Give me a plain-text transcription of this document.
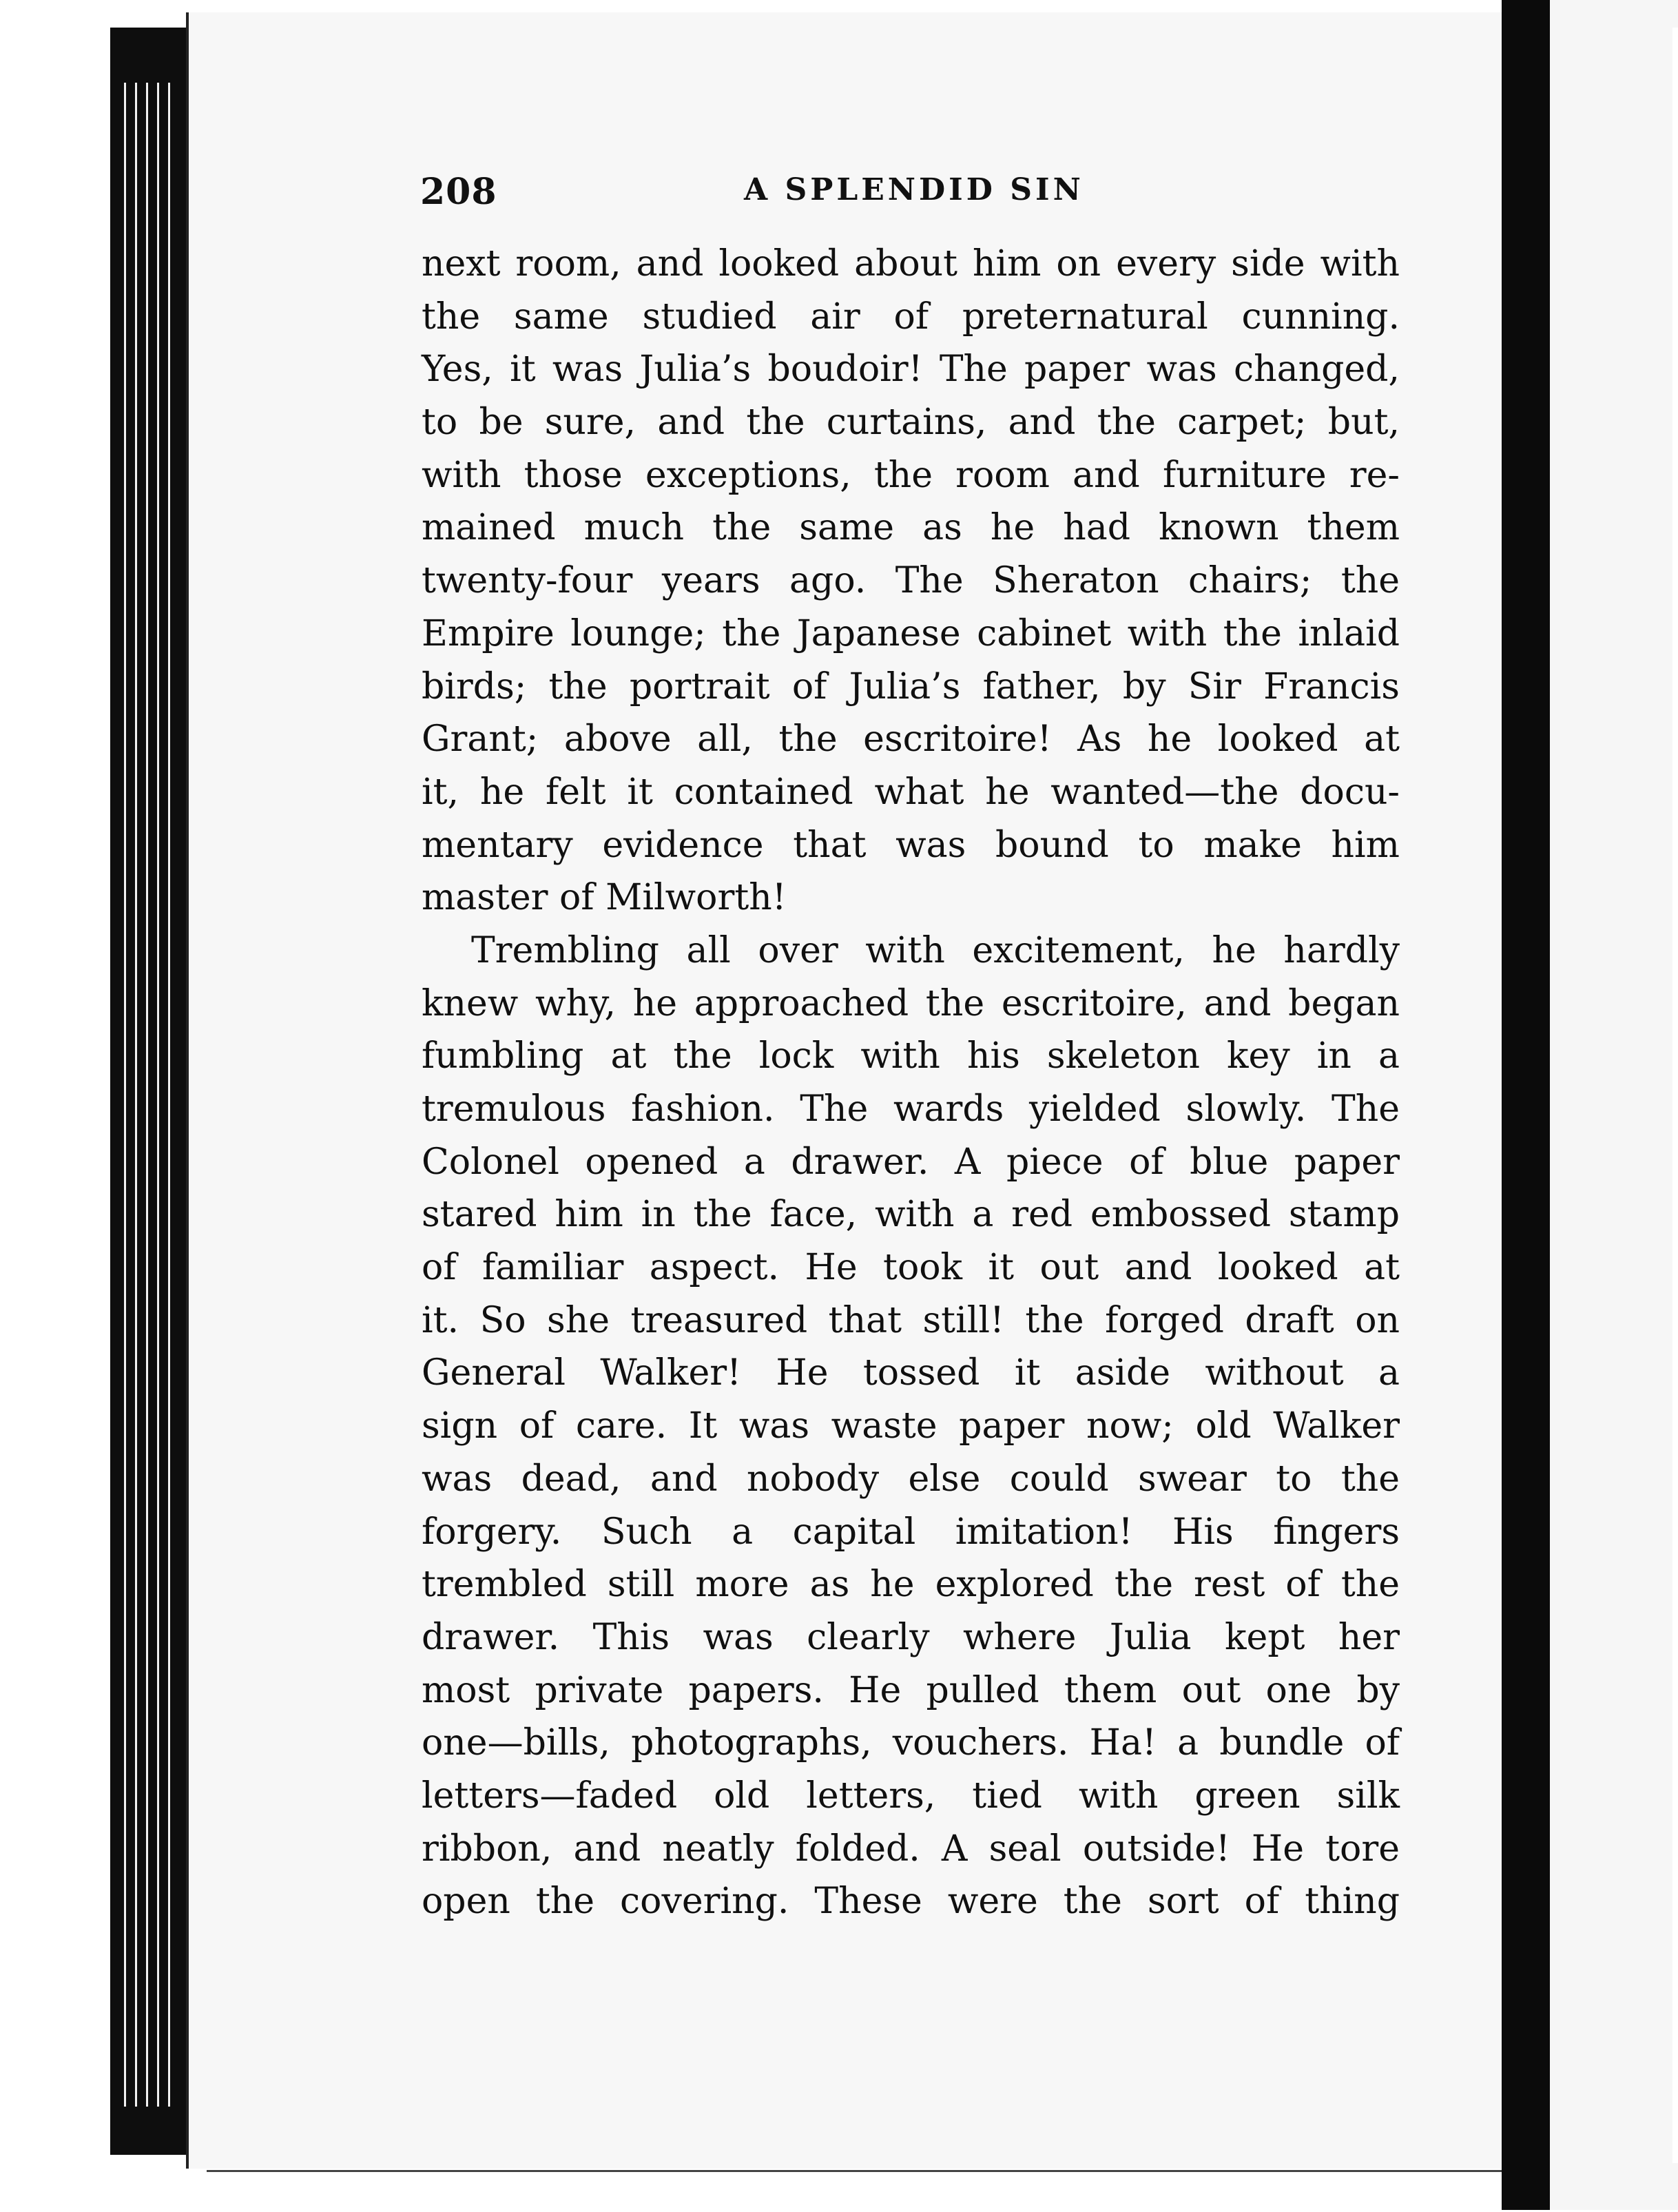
208	A SPLENDID SIN
next room, and looked about him on every side with
the same studied air of preternatural cunning.
Yes, it was Julia’s boudoir! The paper was changed,
to be sure, and the curtains, and the carpet; but,
with those exceptions, the room and furniture re-
mained much the same as he had known them
twenty-four years ago. The Sheraton chairs; the
Empire lounge; the Japanese cabinet with the inlaid
birds; the portrait of Julia’s father, by Sir Francis
Grant; above all, the escritoire! As he looked at
it, he felt it contained what he wanted—the docu-
mentary evidence that was bound to make him
master of Milworth!
Trembling all over with excitement, he hardly
knew why, he approached the escritoire, and began
fumbling at the lock with his skeleton key in a
tremulous fashion. The wards yielded slowly. The
Colonel opened a drawer. A piece of blue paper
stared him in the face, with a red embossed stamp
of familiar aspect. He took it out and looked at
it. So she treasured that still! the forged draft on
General Walker! He tossed it aside without a
sign of care. It was waste paper now; old Walker
was dead, and nobody else could swear to the
forgery. Such a capital imitation! His fingers
trembled still more as he explored the rest of the
drawer. This was clearly where Julia kept her
most private papers. He pulled them out one by
one—bills, photographs, vouchers. Ha! a bundle of
letters—faded old letters, tied with green silk
ribbon, and neatly folded. A seal outside! He tore
open the covering. These were the sort of thing
